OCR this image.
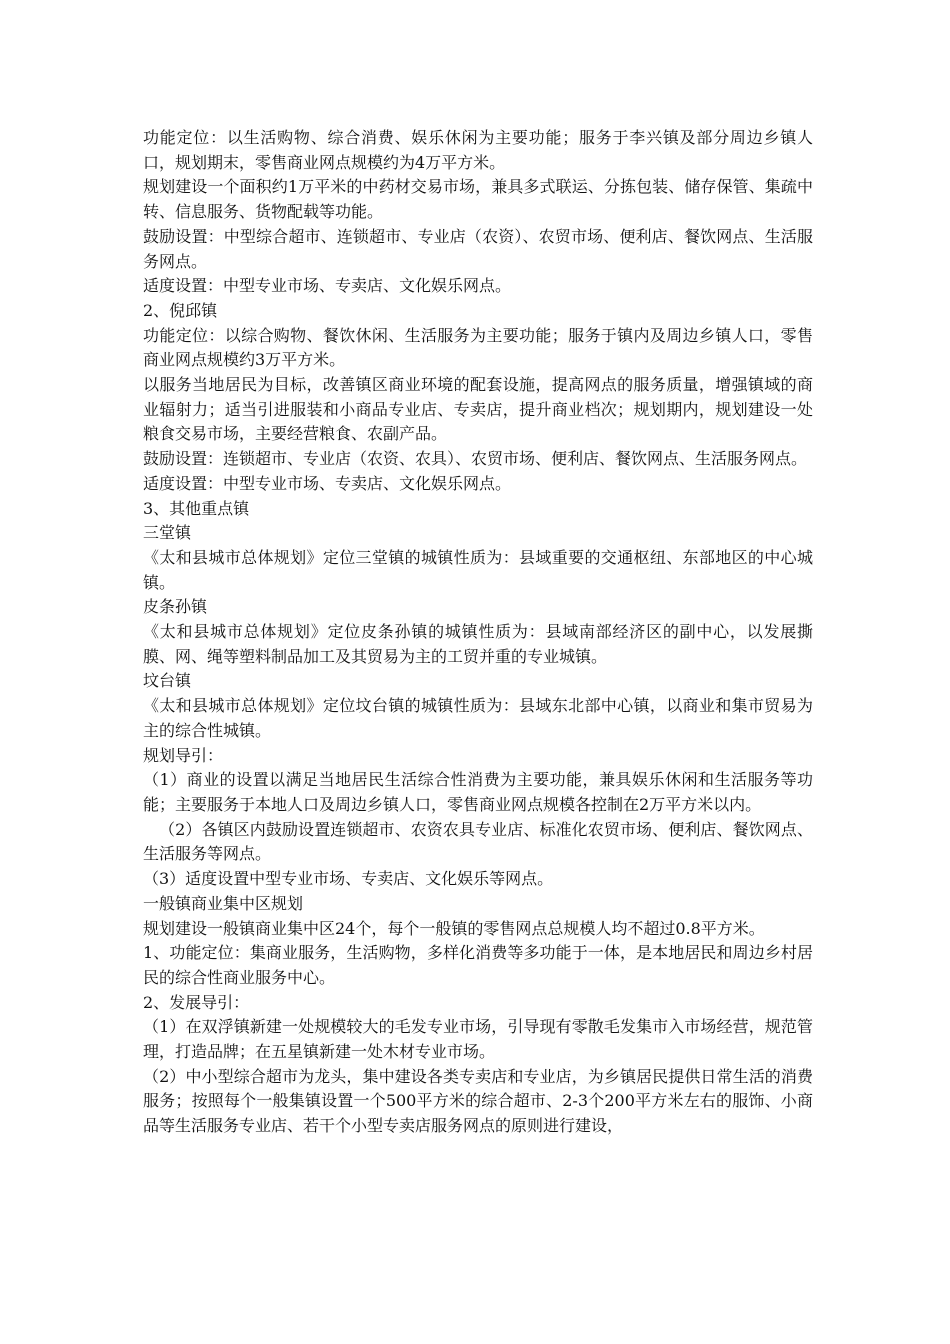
功能定位：以生活购物、综合消费、娱乐休闲为主要功能；服务于李兴镇及部分周边乡镇人口，规划期末，零售商业网点规模约为4万平方米。

规划建设一个面积约1万平米的中药材交易市场，兼具多式联运、分拣包装、储存保管、集疏中转、信息服务、货物配载等功能。

鼓励设置：中型综合超市、连锁超市、专业店（农资）、农贸市场、便利店、餐饮网点、生活服务网点。

适度设置：中型专业市场、专卖店、文化娱乐网点。

2、倪邱镇

功能定位：以综合购物、餐饮休闲、生活服务为主要功能；服务于镇内及周边乡镇人口，零售商业网点规模约3万平方米。

以服务当地居民为目标，改善镇区商业环境的配套设施，提高网点的服务质量，增强镇域的商业辐射力；适当引进服装和小商品专业店、专卖店，提升商业档次；规划期内，规划建设一处粮食交易市场，主要经营粮食、农副产品。

鼓励设置：连锁超市、专业店（农资、农具）、农贸市场、便利店、餐饮网点、生活服务网点。

适度设置：中型专业市场、专卖店、文化娱乐网点。

3、其他重点镇

三堂镇

《太和县城市总体规划》定位三堂镇的城镇性质为：县域重要的交通枢纽、东部地区的中心城镇。

皮条孙镇

《太和县城市总体规划》定位皮条孙镇的城镇性质为：县域南部经济区的副中心，以发展撕膜、网、绳等塑料制品加工及其贸易为主的工贸并重的专业城镇。

坟台镇

《太和县城市总体规划》定位坟台镇的城镇性质为：县域东北部中心镇，以商业和集市贸易为主的综合性城镇。

规划导引：

（1）商业的设置以满足当地居民生活综合性消费为主要功能，兼具娱乐休闲和生活服务等功能；主要服务于本地人口及周边乡镇人口，零售商业网点规模各控制在2万平方米以内。

（2）各镇区内鼓励设置连锁超市、农资农具专业店、标准化农贸市场、便利店、餐饮网点、生活服务等网点。

（3）适度设置中型专业市场、专卖店、文化娱乐等网点。

一般镇商业集中区规划

规划建设一般镇商业集中区24个，每个一般镇的零售网点总规模人均不超过0.8平方米。

1、功能定位：集商业服务，生活购物，多样化消费等多功能于一体，是本地居民和周边乡村居民的综合性商业服务中心。

2、发展导引：

（1）在双浮镇新建一处规模较大的毛发专业市场，引导现有零散毛发集市入市场经营，规范管理，打造品牌；在五星镇新建一处木材专业市场。

（2）中小型综合超市为龙头，集中建设各类专卖店和专业店，为乡镇居民提供日常生活的消费服务；按照每个一般集镇设置一个500平方米的综合超市、2-3个200平方米左右的服饰、小商品等生活服务专业店、若干个小型专卖店服务网点的原则进行建设，
